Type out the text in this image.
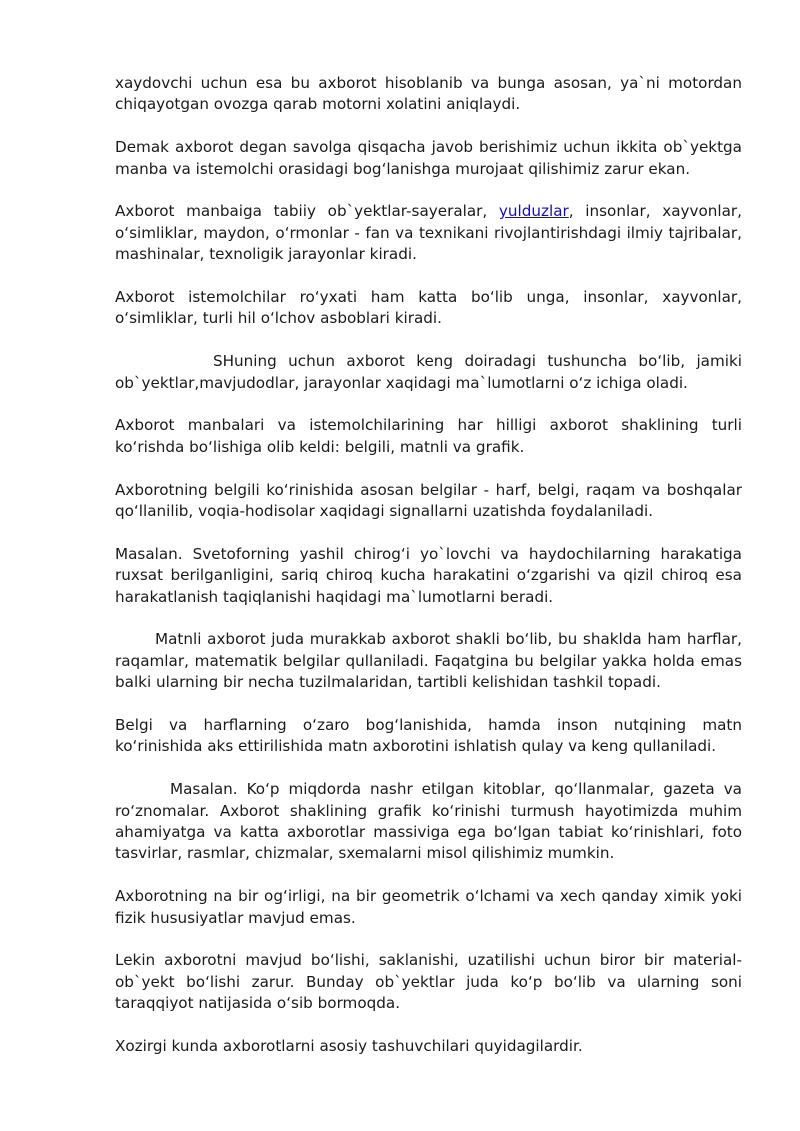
xaydovchi uchun esa bu axborot hisoblanib va bunga asosan, ya`ni motordan chiqayotgan ovozga qarab motorni xolatini aniqlaydi.

Demak axborot degan savolga qisqacha javob berishimiz uchun ikkita ob`yektga manba va istemolchi orasidagi bog‘lanishga murojaat qilishimiz zarur ekan.

Axborot manbaiga tabiiy ob`yektlar-sayeralar, yulduzlar, insonlar, xayvonlar, o‘simliklar, maydon, o‘rmonlar - fan va texnikani rivojlantirishdagi ilmiy tajribalar, mashinalar, texnoligik jarayonlar kiradi.

Axborot istemolchilar ro‘yxati ham katta bo‘lib unga, insonlar, xayvonlar, o‘simliklar, turli hil o‘lchov asboblari kiradi.

SHuning uchun axborot keng doiradagi tushuncha bo‘lib, jamiki ob`yektlar,mavjudodlar, jarayonlar xaqidagi ma`lumotlarni o‘z ichiga oladi.

Axborot manbalari va istemolchilarining har hilligi axborot shaklining turli ko‘rishda bo‘lishiga olib keldi: belgili, matnli va grafik.

Axborotning belgili ko‘rinishida asosan belgilar - harf, belgi, raqam va boshqalar qo‘llanilib, voqia-hodisolar xaqidagi signallarni uzatishda foydalaniladi.

Masalan. Svetoforning yashil chirog‘i yo`lovchi va haydochilarning harakatiga ruxsat berilganligini, sariq chiroq kucha harakatini o‘zgarishi va qizil chiroq esa harakatlanish taqiqlanishi haqidagi ma`lumotlarni beradi.

Matnli axborot juda murakkab axborot shakli bo‘lib, bu shaklda ham harflar, raqamlar, matematik belgilar qullaniladi. Faqatgina bu belgilar yakka holda emas balki ularning bir necha tuzilmalaridan, tartibli kelishidan tashkil topadi.

Belgi va harflarning o‘zaro bog‘lanishida, hamda inson nutqining matn ko‘rinishida aks ettirilishida matn axborotini ishlatish qulay va keng qullaniladi.

Masalan. Ko‘p miqdorda nashr etilgan kitoblar, qo‘llanmalar, gazeta va ro‘znomalar. Axborot shaklining grafik ko‘rinishi turmush hayotimizda muhim ahamiyatga va katta axborotlar massiviga ega bo‘lgan tabiat ko‘rinishlari, foto tasvirlar, rasmlar, chizmalar, sxemalarni misol qilishimiz mumkin.

Axborotning na bir og‘irligi, na bir geometrik o‘lchami va xech qanday ximik yoki fizik hususiyatlar mavjud emas.

Lekin axborotni mavjud bo‘lishi, saklanishi, uzatilishi uchun biror bir material-ob`yekt bo‘lishi zarur. Bunday ob`yektlar juda ko‘p bo‘lib va ularning soni taraqqiyot natijasida o‘sib bormoqda.

Xozirgi kunda axborotlarni asosiy tashuvchilari quyidagilardir.
